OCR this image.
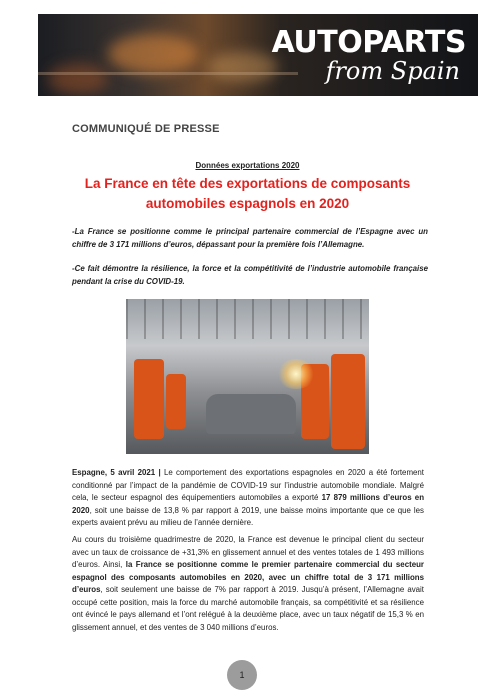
AUTOPARTS
from Spain
COMMUNIQUÉ DE PRESSE
Données exportations 2020
La France en tête des exportations de composants automobiles espagnols en 2020

-La France se positionne comme le principal partenaire commercial de l’Espagne avec un chiffre de 3 171 millions d’euros, dépassant pour la première fois l’Allemagne.

-Ce fait démontre la résilience, la force et la compétitivité de l’industrie automobile française pendant la crise du COVID-19.

Espagne, 5 avril 2021 | Le comportement des exportations espagnoles en 2020 a été fortement conditionné par l’impact de la pandémie de COVID-19 sur l’industrie automobile mondiale. Malgré cela, le secteur espagnol des équipementiers automobiles a exporté 17 879 millions d’euros en 2020, soit une baisse de 13,8 % par rapport à 2019, une baisse moins importante que ce que les experts avaient prévu au milieu de l’année dernière.

Au cours du troisième quadrimestre de 2020, la France est devenue le principal client du secteur avec un taux de croissance de +31,3% en glissement annuel et des ventes totales de 1 493 millions d’euros. Ainsi, la France se positionne comme le premier partenaire commercial du secteur espagnol des composants automobiles en 2020, avec un chiffre total de 3 171 millions d’euros, soit seulement une baisse de 7% par rapport à 2019. Jusqu’à présent, l’Allemagne avait occupé cette position, mais la force du marché automobile français, sa compétitivité et sa résilience ont évincé le pays allemand et l’ont relégué à la deuxième place, avec un taux négatif de 15,3 % en glissement annuel, et des ventes de 3 040 millions d’euros.

1
